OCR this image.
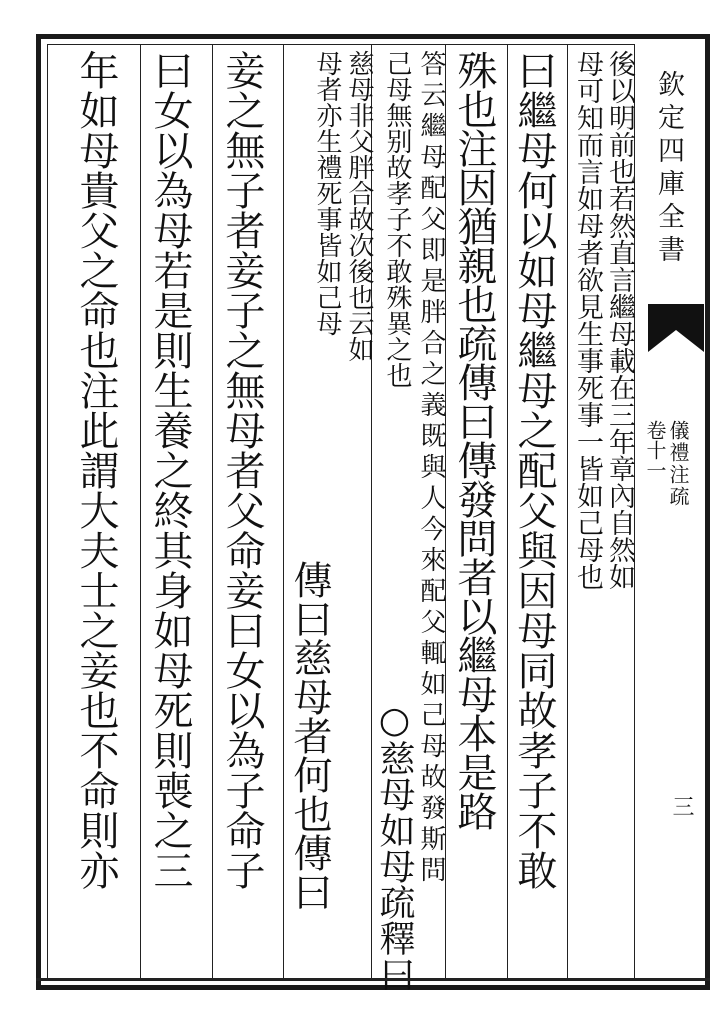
欽定四庫全書
儀禮注疏
卷十一
三
後以明前也若然直言繼母載在三年章內自然如
母可知而言如母者欲見生事死事一皆如己母也
曰繼母何以如母繼母之配父與因母同故孝子不敢
殊也注因猶親也疏傳曰傳發問者以繼母本是路
答云繼母配父即是胖合之義既與人今來配父輒如己母故發斯問
己母無别故孝子不敢殊異之也
慈母非父胖合故次後也云如
母者亦生禮死事皆如己母
○
慈母如母疏釋曰
傳曰慈母者何也傳曰
妾之無子者妾子之無母者父命妾曰女以為子命子
曰女以為母若是則生養之終其身如母死則喪之三
年如母貴父之命也注此謂大夫士之妾也不命則亦
